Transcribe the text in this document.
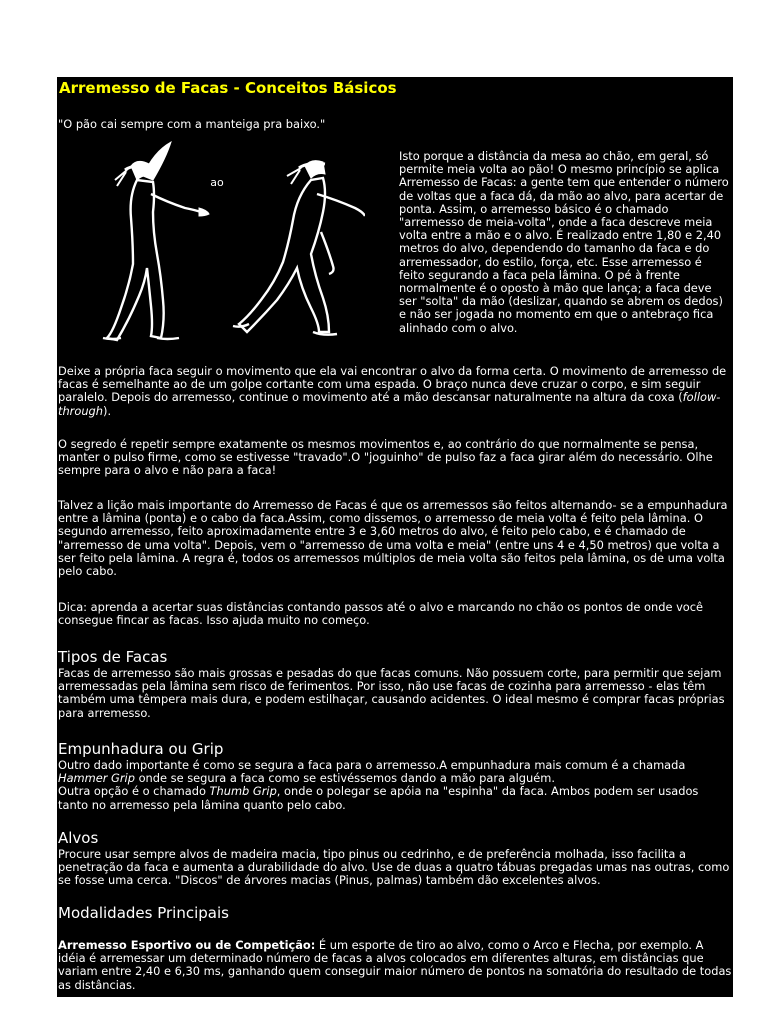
Arremesso de Facas - Conceitos Básicos

"O pão cai sempre com a manteiga pra baixo."

ao

Isto porque a distância da mesa ao chão, em geral, só permite meia volta ao pão! O mesmo princípio se aplica Arremesso de Facas: a gente tem que entender o número de voltas que a faca dá, da mão ao alvo, para acertar de ponta. Assim, o arremesso básico é o chamado "arremesso de meia-volta", onde a faca descreve meia volta entre a mão e o alvo. É realizado entre 1,80 e 2,40 metros do alvo, dependendo do tamanho da faca e do arremessador, do estilo, força, etc. Esse arremesso é feito segurando a faca pela lâmina. O pé à frente normalmente é o oposto à mão que lança; a faca deve ser "solta" da mão (deslizar, quando se abrem os dedos) e não ser jogada no momento em que o antebraço fica alinhado com o alvo.

Deixe a própria faca seguir o movimento que ela vai encontrar o alvo da forma certa. O movimento de arremesso de facas é semelhante ao de um golpe cortante com uma espada. O braço nunca deve cruzar o corpo, e sim seguir paralelo. Depois do arremesso, continue o movimento até a mão descansar naturalmente na altura da coxa (follow-through).

O segredo é repetir sempre exatamente os mesmos movimentos e, ao contrário do que normalmente se pensa, manter o pulso firme, como se estivesse "travado".O "joguinho" de pulso faz a faca girar além do necessário. Olhe sempre para o alvo e não para a faca!

Talvez a lição mais importante do Arremesso de Facas é que os arremessos são feitos alternando- se a empunhadura entre a lâmina (ponta) e o cabo da faca.Assim, como dissemos, o arremesso de meia volta é feito pela lâmina. O segundo arremesso, feito aproximadamente entre 3 e 3,60 metros do alvo, é feito pelo cabo, e é chamado de "arremesso de uma volta". Depois, vem o "arremesso de uma volta e meia" (entre uns 4 e 4,50 metros) que volta a ser feito pela lâmina. A regra é, todos os arremessos múltiplos de meia volta são feitos pela lâmina, os de uma volta pelo cabo.

Dica: aprenda a acertar suas distâncias contando passos até o alvo e marcando no chão os pontos de onde você consegue fincar as facas. Isso ajuda muito no começo.

Tipos de Facas

Facas de arremesso são mais grossas e pesadas do que facas comuns. Não possuem corte, para permitir que sejam arremessadas pela lâmina sem risco de ferimentos. Por isso, não use facas de cozinha para arremesso - elas têm também uma têmpera mais dura, e podem estilhaçar, causando acidentes. O ideal mesmo é comprar facas próprias para arremesso.

Empunhadura ou Grip

Outro dado importante é como se segura a faca para o arremesso.A empunhadura mais comum é a chamada
Hammer Grip onde se segura a faca como se estivéssemos dando a mão para alguém.
Outra opção é o chamado Thumb Grip, onde o polegar se apóia na "espinha" da faca. Ambos podem ser usados tanto no arremesso pela lâmina quanto pelo cabo.

Alvos

Procure usar sempre alvos de madeira macia, tipo pinus ou cedrinho, e de preferência molhada, isso facilita a penetração da faca e aumenta a durabilidade do alvo. Use de duas a quatro tábuas pregadas umas nas outras, como se fosse uma cerca. "Discos" de árvores macias (Pinus, palmas) também dão excelentes alvos.

Modalidades Principais

Arremesso Esportivo ou de Competição: É um esporte de tiro ao alvo, como o Arco e Flecha, por exemplo. A idéia é arremessar um determinado número de facas a alvos colocados em diferentes alturas, em distâncias que variam entre 2,40 e 6,30 ms, ganhando quem conseguir maior número de pontos na somatória do resultado de todas as distâncias.
